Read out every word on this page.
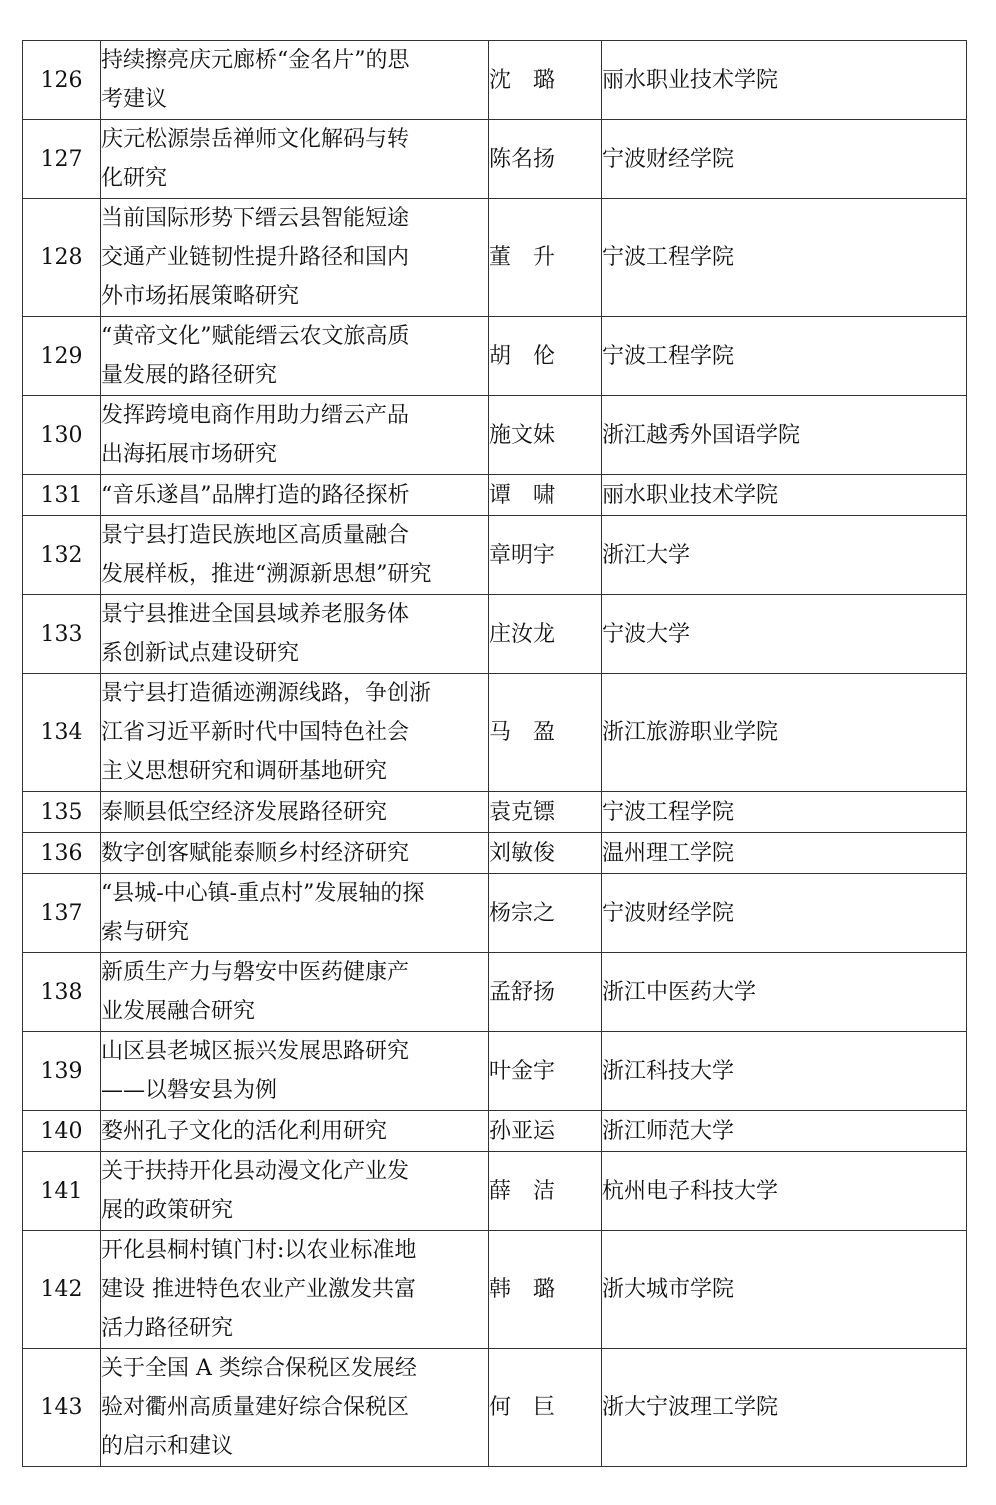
126	持续擦亮庆元廊桥“金名片”的思
考建议	沈　璐	丽水职业技术学院
127	庆元松源崇岳禅师文化解码与转
化研究	陈名扬	宁波财经学院
128	当前国际形势下缙云县智能短途
交通产业链韧性提升路径和国内
外市场拓展策略研究	董　升	宁波工程学院
129	“黄帝文化”赋能缙云农文旅高质
量发展的路径研究	胡　伦	宁波工程学院
130	发挥跨境电商作用助力缙云产品
出海拓展市场研究	施文妹	浙江越秀外国语学院
131	“音乐遂昌”品牌打造的路径探析	谭　啸	丽水职业技术学院
132	景宁县打造民族地区高质量融合
发展样板，推进“溯源新思想”研究	章明宇	浙江大学
133	景宁县推进全国县域养老服务体
系创新试点建设研究	庄汝龙	宁波大学
134	景宁县打造循迹溯源线路，争创浙
江省习近平新时代中国特色社会
主义思想研究和调研基地研究	马　盈	浙江旅游职业学院
135	泰顺县低空经济发展路径研究	袁克镖	宁波工程学院
136	数字创客赋能泰顺乡村经济研究	刘敏俊	温州理工学院
137	“县城-中心镇-重点村”发展轴的探
索与研究	杨宗之	宁波财经学院
138	新质生产力与磐安中医药健康产
业发展融合研究	孟舒扬	浙江中医药大学
139	山区县老城区振兴发展思路研究
——以磐安县为例	叶金宇	浙江科技大学
140	婺州孔子文化的活化利用研究	孙亚运	浙江师范大学
141	关于扶持开化县动漫文化产业发
展的政策研究	薛　洁	杭州电子科技大学
142	开化县桐村镇门村:以农业标准地
建设 推进特色农业产业激发共富
活力路径研究	韩　璐	浙大城市学院
143	关于全国 A 类综合保税区发展经
验对衢州高质量建好综合保税区
的启示和建议	何　巨	浙大宁波理工学院
